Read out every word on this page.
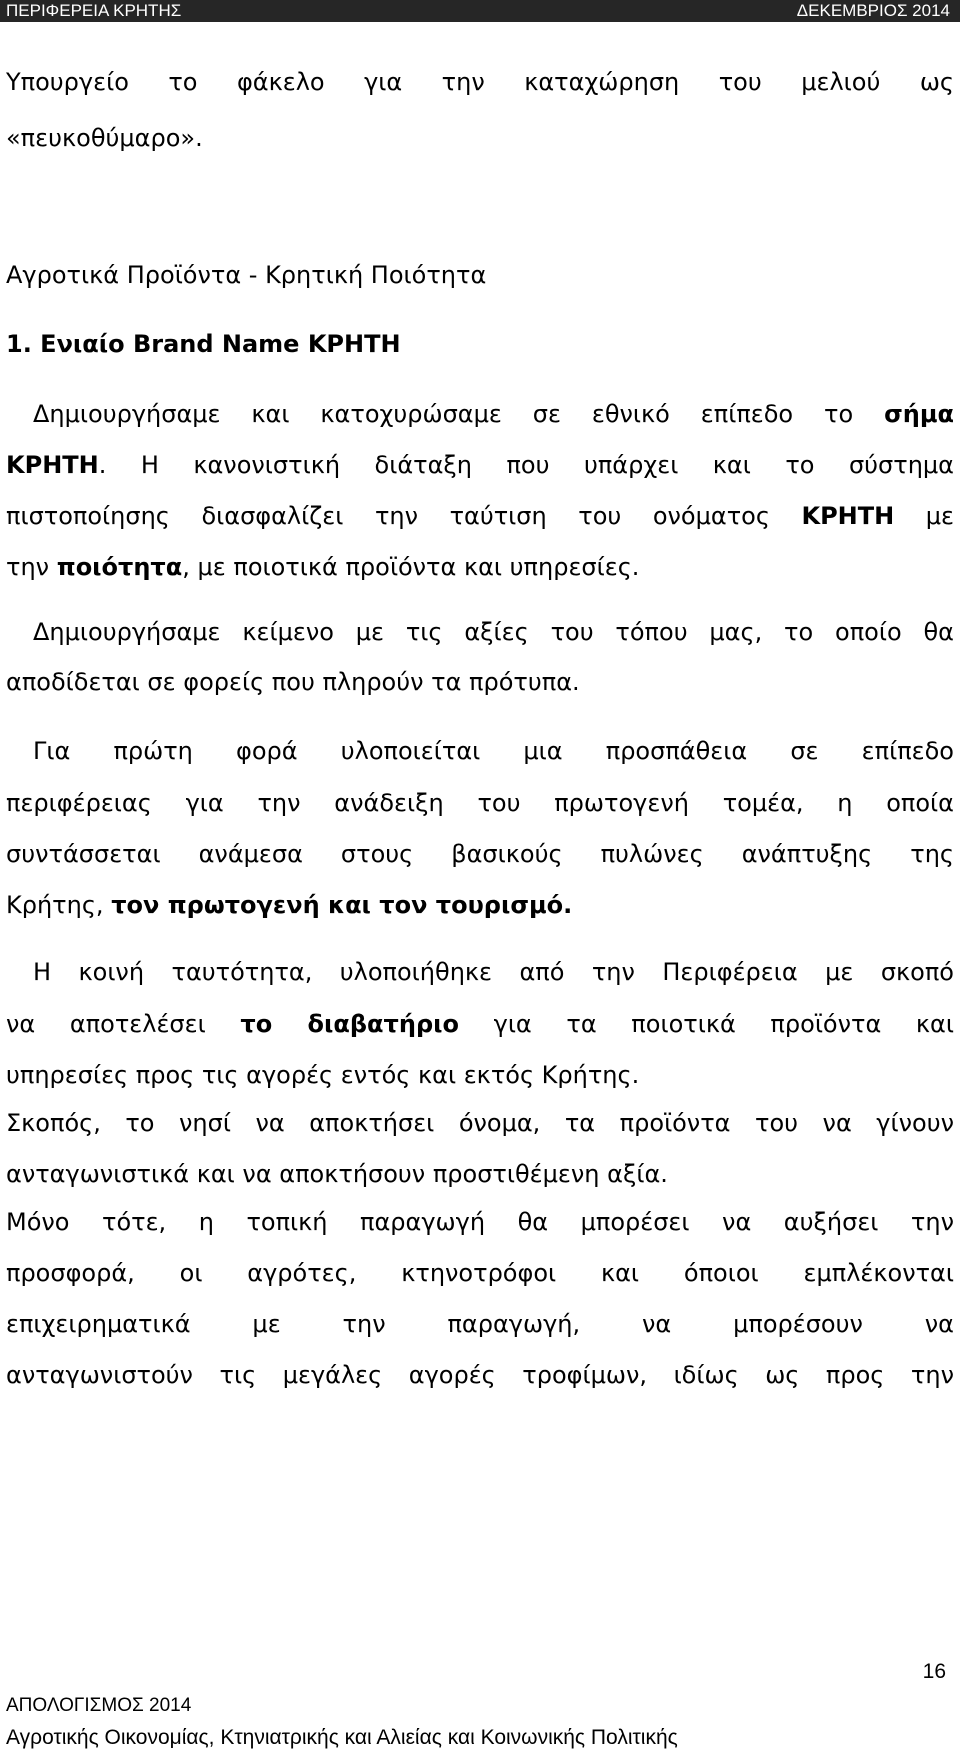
ΠΕΡΙΦΕΡΕΙΑ ΚΡΗΤΗΣ	ΔΕΚΕΜΒΡΙΟΣ 2014
Υπουργείο το φάκελο για την καταχώρηση του μελιού ως
«πευκοθύμαρο».
Αγροτικά Προϊόντα - Κρητική Ποιότητα
1. Ενιαίο Brand Name ΚΡΗΤΗ
Δημιουργήσαμε και κατοχυρώσαμε σε εθνικό επίπεδο το σήμα
ΚΡΗΤΗ. Η κανονιστική διάταξη που υπάρχει και το σύστημα
πιστοποίησης διασφαλίζει την ταύτιση του ονόματος ΚΡΗΤΗ με
την ποιότητα, με ποιοτικά προϊόντα και υπηρεσίες.
Δημιουργήσαμε κείμενο με τις αξίες του τόπου μας, το οποίο θα
αποδίδεται σε φορείς που πληρούν τα πρότυπα.
Για πρώτη φορά υλοποιείται μια προσπάθεια σε επίπεδο
περιφέρειας για την ανάδειξη του πρωτογενή τομέα, η οποία
συντάσσεται ανάμεσα στους βασικούς πυλώνες ανάπτυξης της
Κρήτης, τον πρωτογενή και τον τουρισμό.
Η κοινή ταυτότητα, υλοποιήθηκε από την Περιφέρεια με σκοπό
να αποτελέσει το διαβατήριο για τα ποιοτικά προϊόντα και
υπηρεσίες προς τις αγορές εντός και εκτός Κρήτης.
Σκοπός, το νησί να αποκτήσει όνομα, τα προϊόντα του να γίνουν
ανταγωνιστικά και να αποκτήσουν προστιθέμενη αξία.
Μόνο τότε, η τοπική παραγωγή θα μπορέσει να αυξήσει την
προσφορά, οι αγρότες, κτηνοτρόφοι και όποιοι εμπλέκονται
επιχειρηματικά με την παραγωγή, να μπορέσουν να
ανταγωνιστούν τις μεγάλες αγορές τροφίμων, ιδίως ως προς την
16
ΑΠΟΛΟΓΙΣΜΟΣ 2014
Αγροτικής Οικονομίας, Κτηνιατρικής και Αλιείας και Κοινωνικής Πολιτικής
